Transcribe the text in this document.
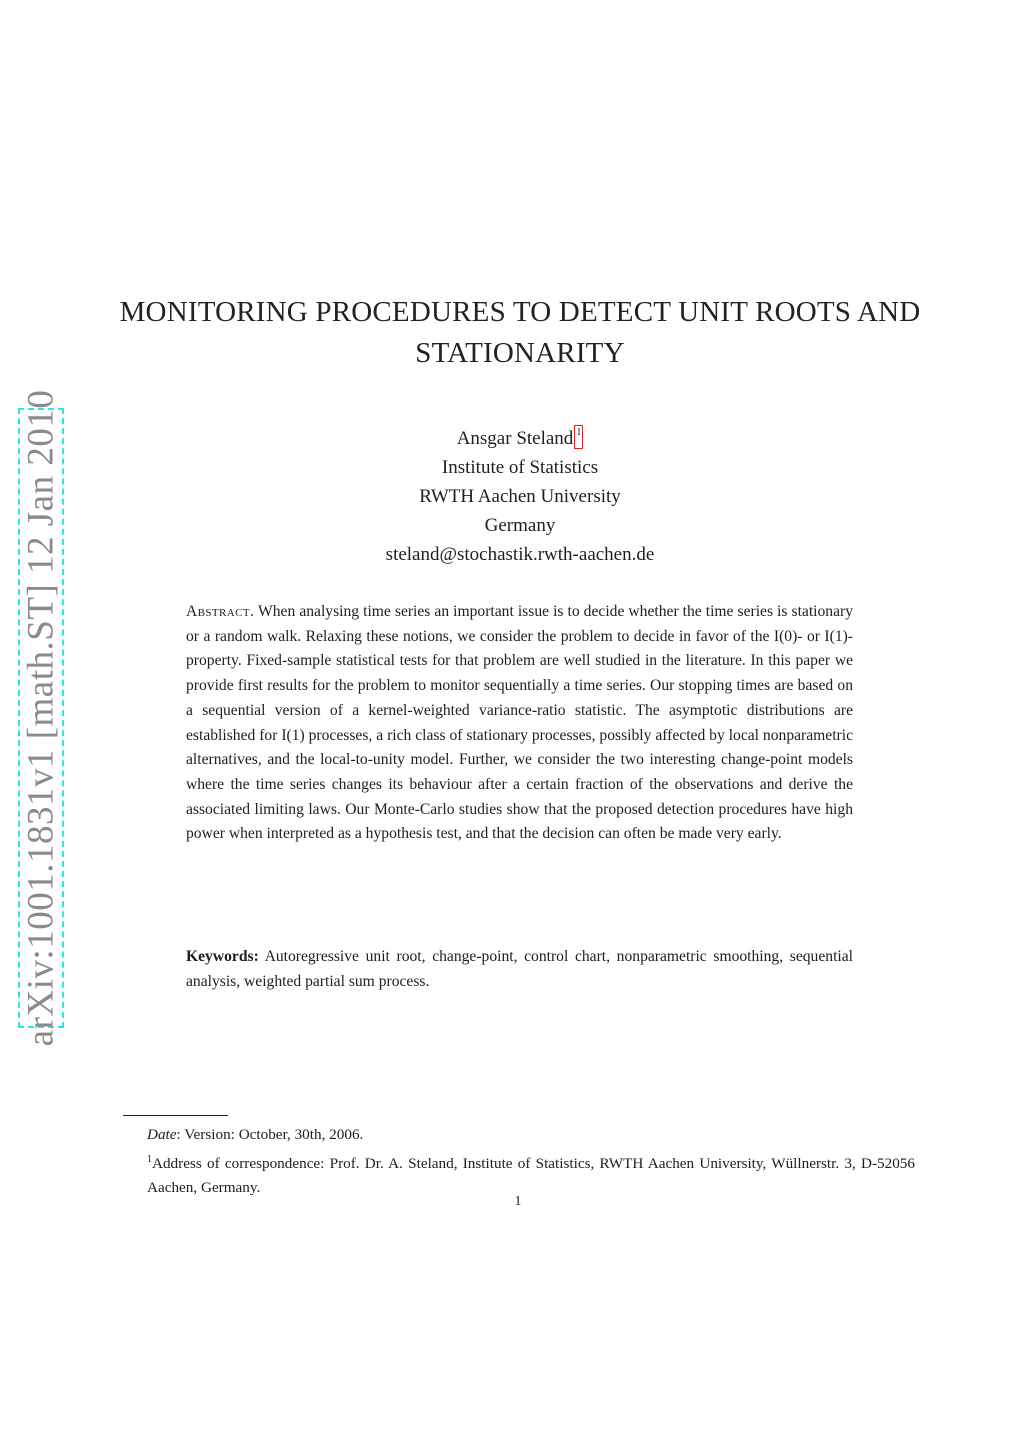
arXiv:1001.1831v1 [math.ST] 12 Jan 2010
MONITORING PROCEDURES TO DETECT UNIT ROOTS AND STATIONARITY
Ansgar Steland 1
Institute of Statistics
RWTH Aachen University
Germany
steland@stochastik.rwth-aachen.de

Abstract. When analysing time series an important issue is to decide whether the time series is stationary or a random walk. Relaxing these notions, we consider the problem to decide in favor of the I(0)- or I(1)-property. Fixed-sample statistical tests for that problem are well studied in the literature. In this paper we provide first results for the problem to monitor sequentially a time series. Our stopping times are based on a sequential version of a kernel-weighted variance-ratio statistic. The asymptotic distributions are established for I(1) processes, a rich class of stationary processes, possibly affected by local nonparametric alternatives, and the local-to-unity model. Further, we consider the two interesting change-point models where the time series changes its behaviour after a certain fraction of the observations and derive the associated limiting laws. Our Monte-Carlo studies show that the proposed detection procedures have high power when interpreted as a hypothesis test, and that the decision can often be made very early.

Keywords: Autoregressive unit root, change-point, control chart, nonparametric smoothing, sequential analysis, weighted partial sum process.

Date: Version: October, 30th, 2006.
$^1$Address of correspondence: Prof. Dr. A. Steland, Institute of Statistics, RWTH Aachen University, Wüllnerstr. 3, D-52056 Aachen, Germany.
1
